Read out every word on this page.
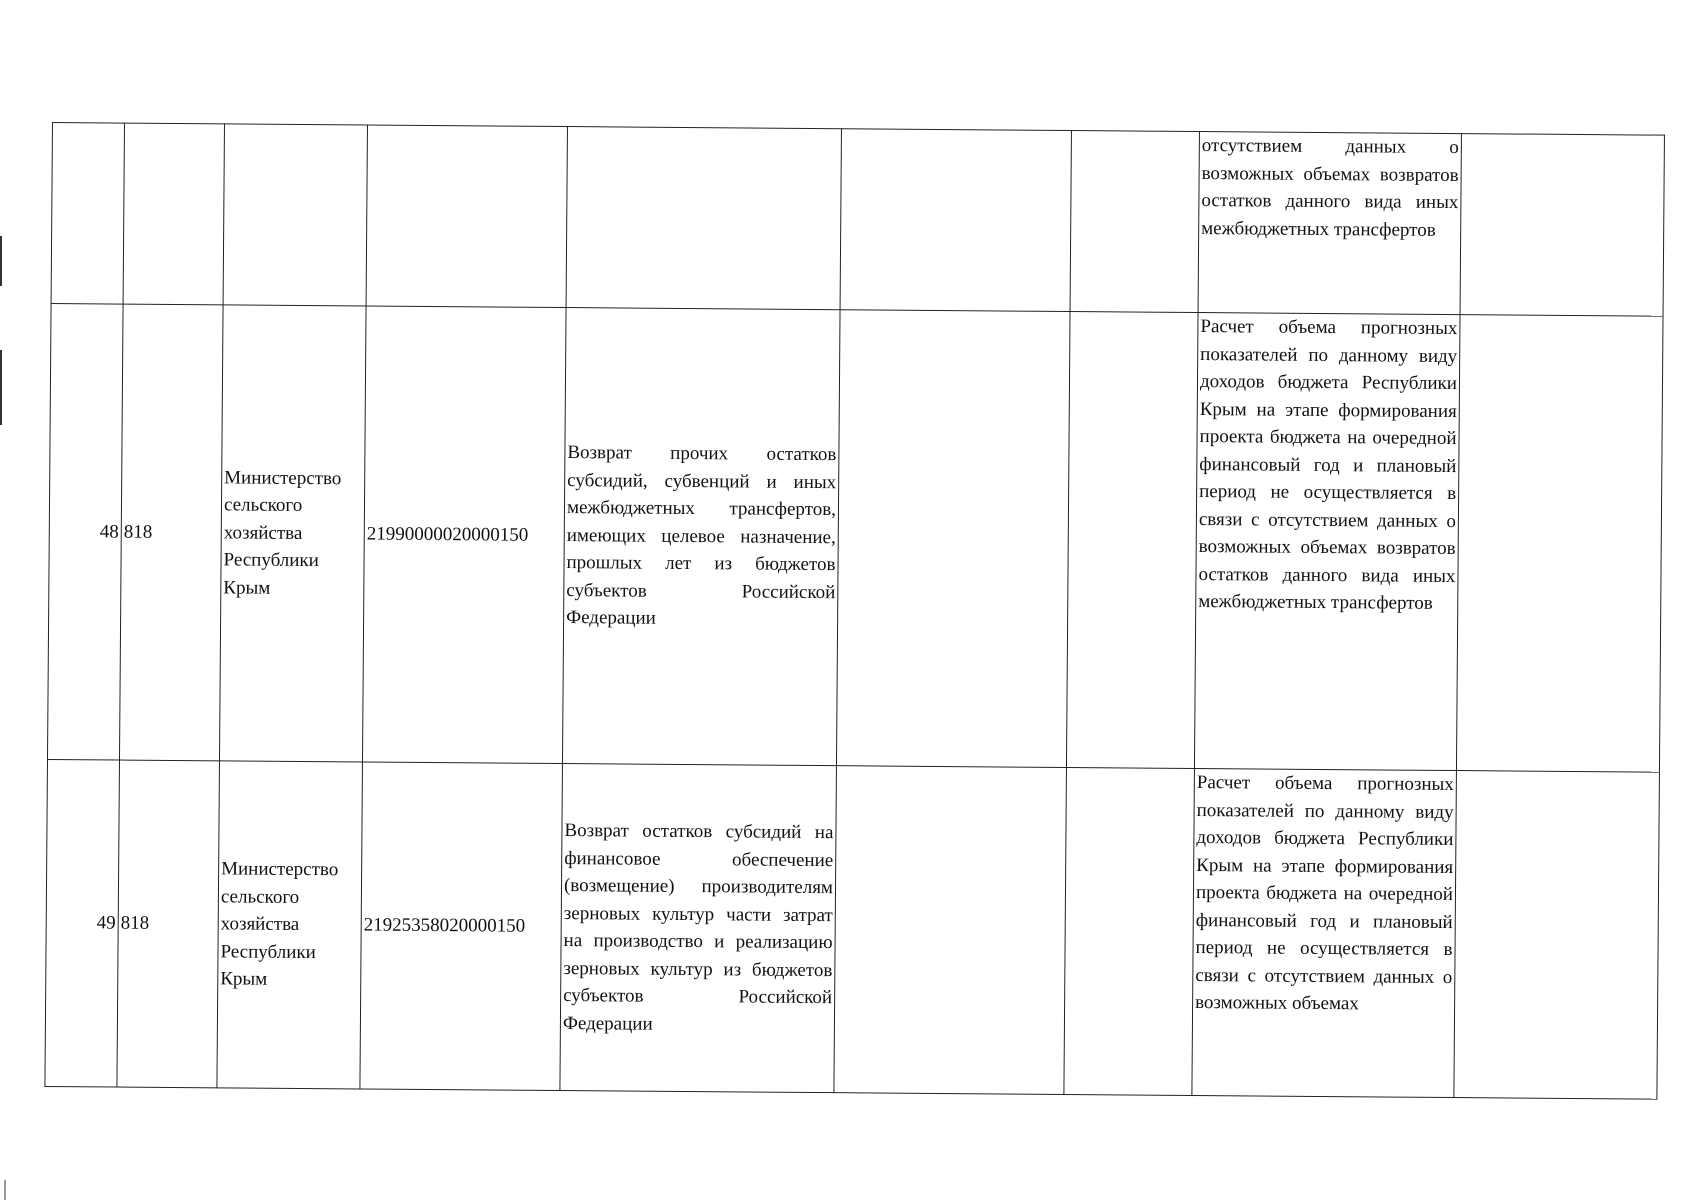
							отсутствием данных о возможных объемах возвратов остатков данного вида иных межбюджетных трансфертов	
48	818	Министерство сельского хозяйства Республики Крым	21990000020000150	Возврат прочих остатков субсидий, субвенций и иных межбюджетных трансфертов, имеющих целевое назначение, прошлых лет из бюджетов субъектов Российской Федерации			Расчет объема прогнозных показателей по данному виду доходов бюджета Республики Крым на этапе формирования проекта бюджета на очередной финансовый год и плановый период не осуществляется в связи с отсутствием данных о возможных объемах возвратов остатков данного вида иных межбюджетных трансфертов	
49	818	Министерство сельского хозяйства Республики Крым	21925358020000150	Возврат остатков субсидий на финансовое обеспечение (возмещение) производителям зерновых культур части затрат на производство и реализацию зерновых культур из бюджетов субъектов Российской Федерации			Расчет объема прогнозных показателей по данному виду доходов бюджета Республики Крым на этапе формирования проекта бюджета на очередной финансовый год и плановый период не осуществляется в связи с отсутствием данных о возможных объемах	
